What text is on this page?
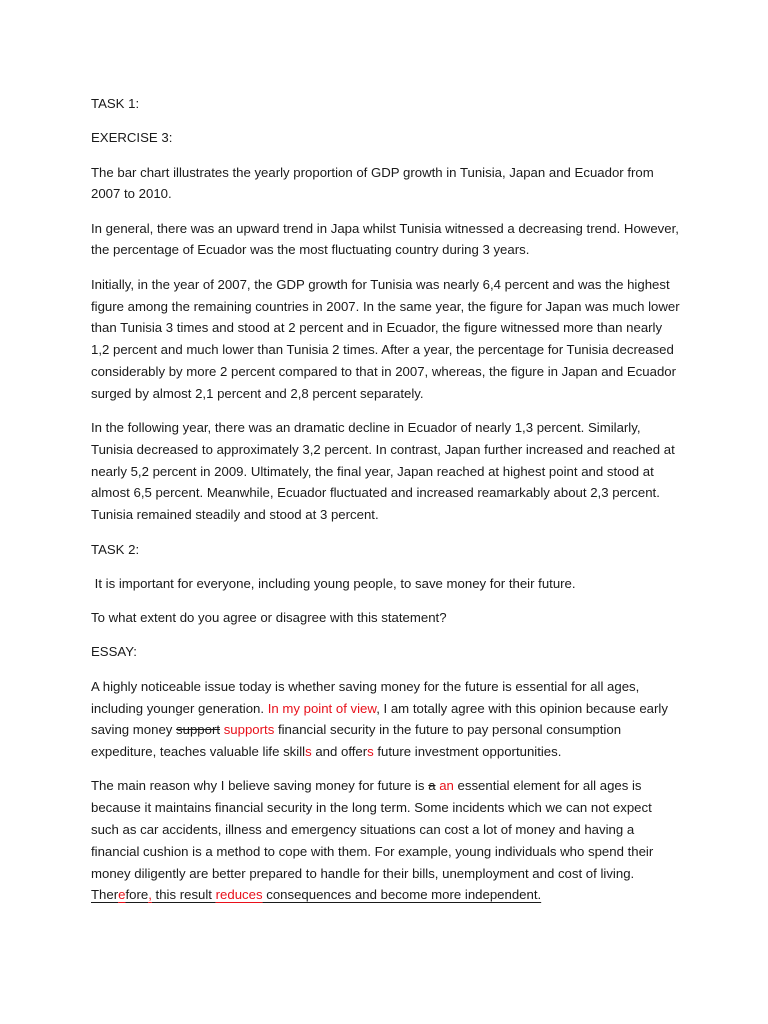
TASK 1:

EXERCISE 3:

The bar chart illustrates the yearly proportion of GDP growth in Tunisia, Japan and Ecuador from 2007 to 2010.

In general, there was an upward trend in Japa whilst Tunisia witnessed a decreasing trend. However, the percentage of Ecuador was the most fluctuating country during 3 years.

Initially, in the year of 2007, the GDP growth for Tunisia was nearly 6,4 percent and was the highest figure among the remaining countries in 2007. In the same year, the figure for Japan was much lower than Tunisia 3 times and stood at 2 percent and in Ecuador, the figure witnessed more than nearly 1,2 percent and much lower than Tunisia 2 times. After a year, the percentage for Tunisia decreased considerably by more 2 percent compared to that in 2007, whereas, the figure in Japan and Ecuador surged by almost 2,1 percent and 2,8 percent separately.

In the following year, there was an dramatic decline in Ecuador of nearly 1,3 percent. Similarly, Tunisia decreased to approximately 3,2 percent. In contrast, Japan further increased and reached at nearly 5,2 percent in 2009. Ultimately, the final year, Japan reached at highest point and stood at almost 6,5 percent. Meanwhile, Ecuador fluctuated and increased reamarkably about 2,3 percent. Tunisia remained steadily and stood at 3 percent.

TASK 2:

It is important for everyone, including young people, to save money for their future.

To what extent do you agree or disagree with this statement?

ESSAY:

A highly noticeable issue today is whether saving money for the future is essential for all ages, including younger generation. In my point of view, I am totally agree with this opinion because early saving money support supports financial security in the future to pay personal consumption expediture, teaches valuable life skills and offers future investment opportunities.

The main reason why I believe saving money for future is a an essential element for all ages is because it maintains financial security in the long term. Some incidents which we can not expect such as car accidents, illness and emergency situations can cost a lot of money and having a financial cushion is a method to cope with them. For example, young individuals who spend their money diligently are better prepared to handle for their bills, unemployment and cost of living. Therefore, this result reduces consequences and become more independent.
